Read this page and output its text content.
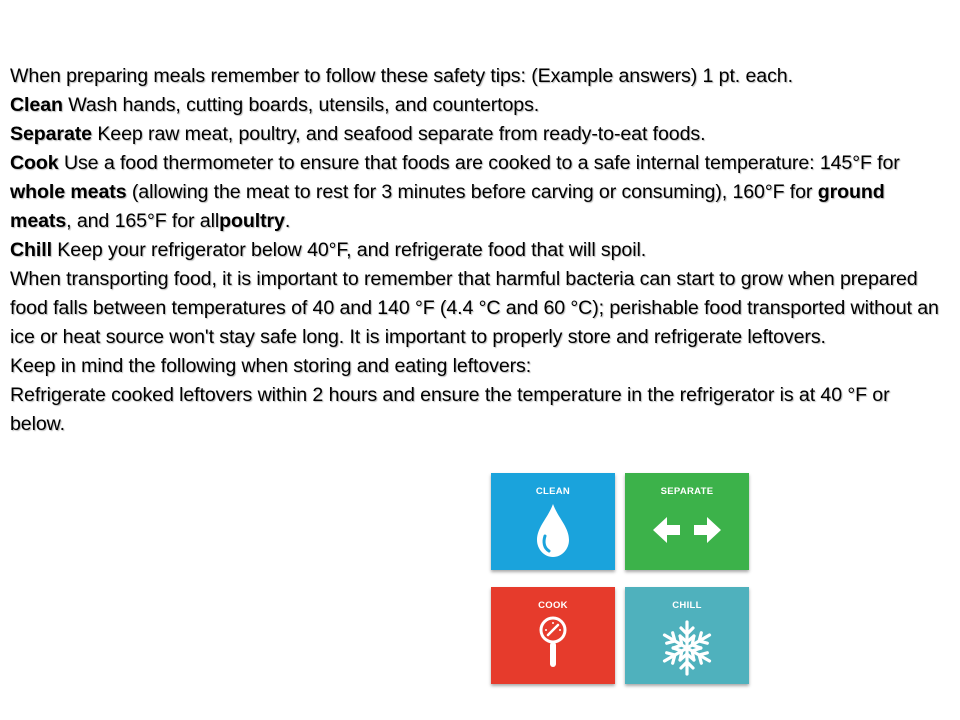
When preparing meals remember to follow these safety tips: (Example answers) 1 pt. each.

Clean Wash hands, cutting boards, utensils, and countertops.

Separate Keep raw meat, poultry, and seafood separate from ready-to-eat foods.

Cook Use a food thermometer to ensure that foods are cooked to a safe internal temperature: 145°F for whole meats (allowing the meat to rest for 3 minutes before carving or consuming), 160°F for ground meats, and 165°F for allpoultry.

Chill Keep your refrigerator below 40°F, and refrigerate food that will spoil.

When transporting food, it is important to remember that harmful bacteria can start to grow when prepared food falls between temperatures of 40 and 140 °F (4.4 °C and 60 °C); perishable food transported without an ice or heat source won't stay safe long. It is important to properly store and refrigerate leftovers.

Keep in mind the following when storing and eating leftovers:

Refrigerate cooked leftovers within 2 hours and ensure the temperature in the refrigerator is at 40 °F or below.

CLEAN	SEPARATE
COOK	CHILL
